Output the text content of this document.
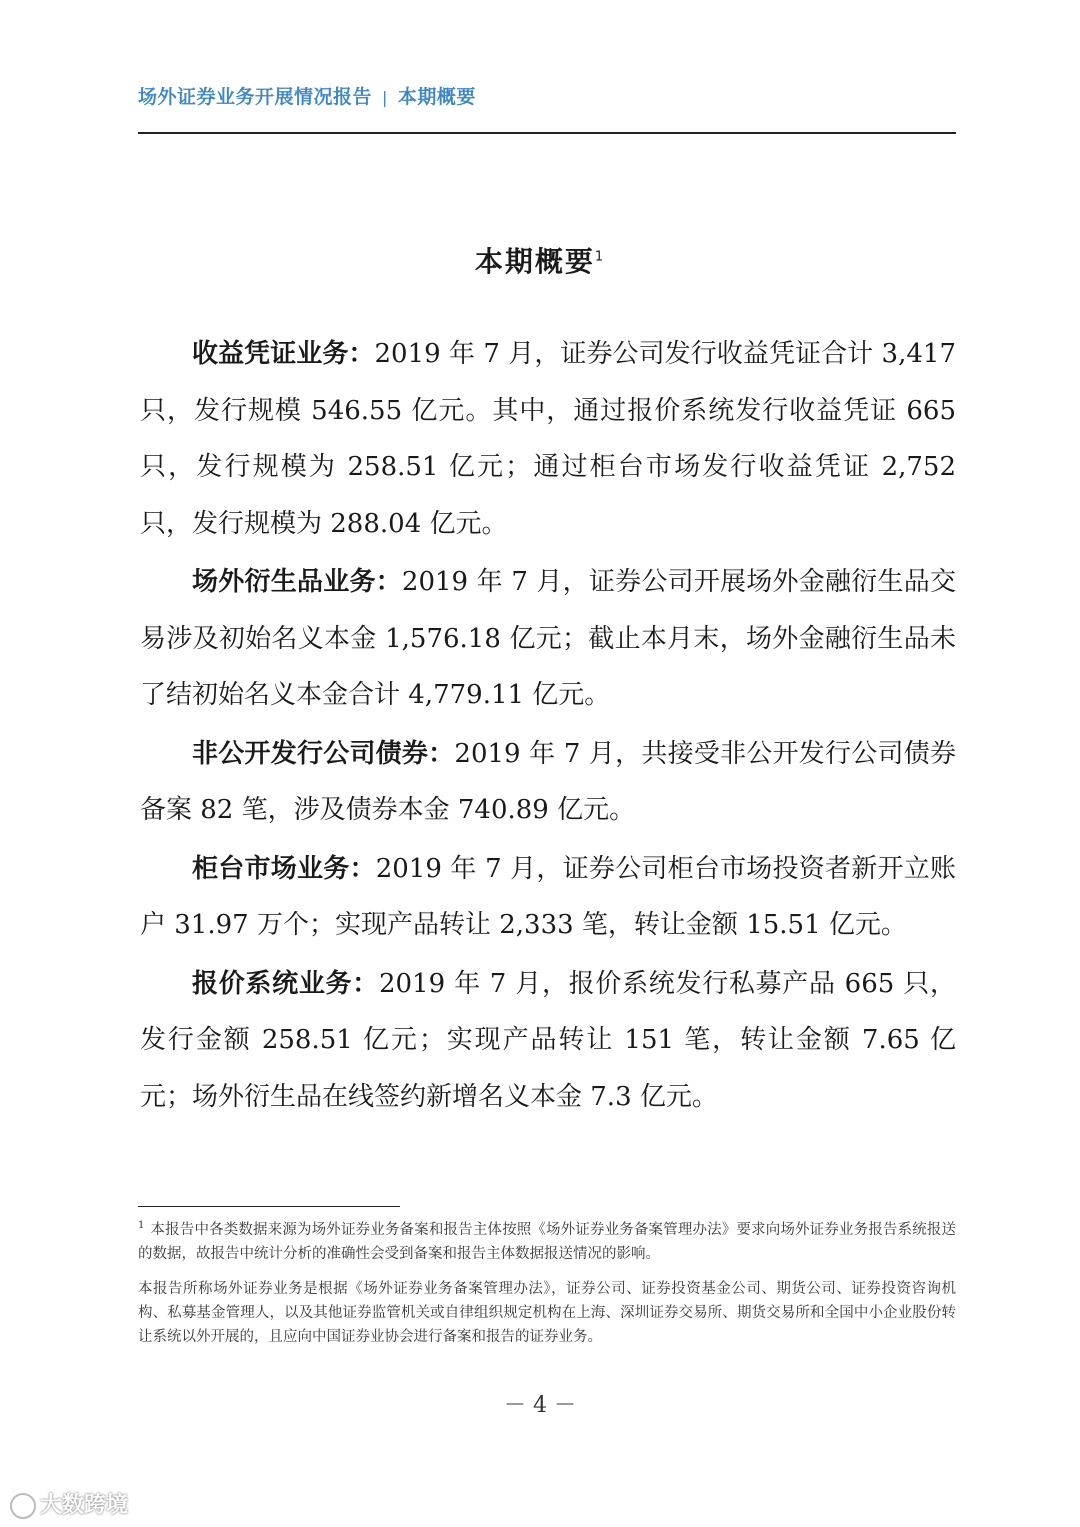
场外证券业务开展情况报告 | 本期概要
本期概要$^1$

收益凭证业务：2019 年 7 月，证券公司发行收益凭证合计 3,417 只，发行规模 546.55 亿元。其中，通过报价系统发行收益凭证 665 只，发行规模为 258.51 亿元；通过柜台市场发行收益凭证 2,752 只，发行规模为 288.04 亿元。

场外衍生品业务：2019 年 7 月，证券公司开展场外金融衍生品交易涉及初始名义本金 1,576.18 亿元；截止本月末，场外金融衍生品未了结初始名义本金合计 4,779.11 亿元。

非公开发行公司债券：2019 年 7 月，共接受非公开发行公司债券备案 82 笔，涉及债券本金 740.89 亿元。

柜台市场业务：2019 年 7 月，证券公司柜台市场投资者新开立账户 31.97 万个；实现产品转让 2,333 笔，转让金额 15.51 亿元。

报价系统业务：2019 年 7 月，报价系统发行私募产品 665 只，发行金额 258.51 亿元；实现产品转让 151 笔，转让金额 7.65 亿元；场外衍生品在线签约新增名义本金 7.3 亿元。

$^1$ 本报告中各类数据来源为场外证券业务备案和报告主体按照《场外证券业务备案管理办法》要求向场外证券业务报告系统报送的数据，故报告中统计分析的准确性会受到备案和报告主体数据报送情况的影响。
本报告所称场外证券业务是根据《场外证券业务备案管理办法》，证券公司、证券投资基金公司、期货公司、证券投资咨询机构、私募基金管理人，以及其他证券监管机关或自律组织规定机构在上海、深圳证券交易所、期货交易所和全国中小企业股份转让系统以外开展的，且应向中国证券业协会进行备案和报告的证券业务。
－ 4 －
大数跨境
